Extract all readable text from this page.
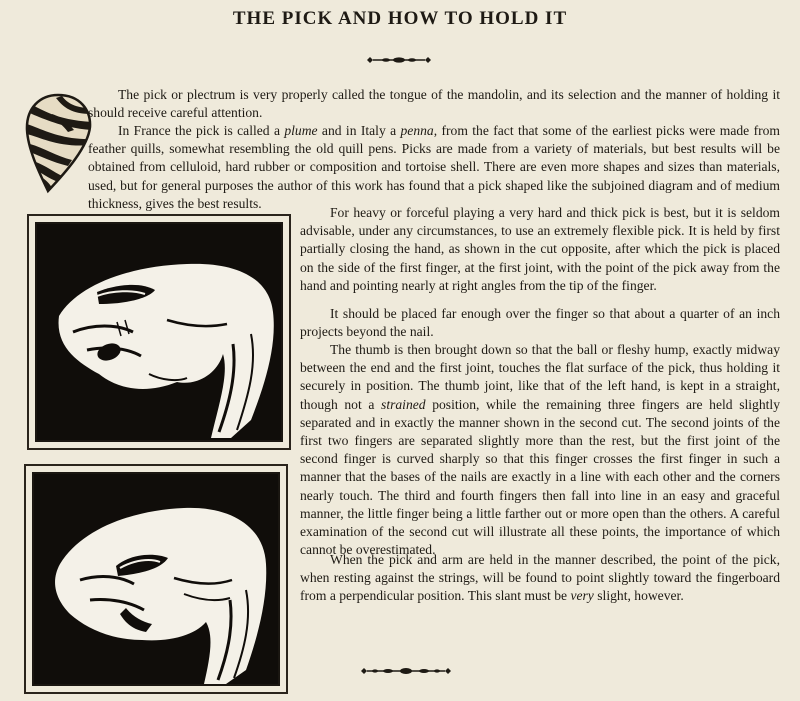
THE PICK AND HOW TO HOLD IT

The pick or plectrum is very properly called the tongue of the mandolin, and its selection and the manner of holding it should receive careful attention.

In France the pick is called a plume and in Italy a penna, from the fact that some of the earliest picks were made from feather quills, somewhat resembling the old quill pens. Picks are made from a variety of materials, but best results will be obtained from celluloid, hard rubber or composition and tortoise shell. There are even more shapes and sizes than materials, used, but for general purposes the author of this work has found that a pick shaped like the subjoined diagram and of medium thickness, gives the best results.

For heavy or forceful playing a very hard and thick pick is best, but it is seldom advisable, under any circumstances, to use an extremely flexible pick. It is held by first partially closing the hand, as shown in the cut opposite, after which the pick is placed on the side of the first finger, at the first joint, with the point of the pick away from the hand and pointing nearly at right angles from the tip of the finger.

It should be placed far enough over the finger so that about a quarter of an inch projects beyond the nail.

The thumb is then brought down so that the ball or fleshy hump, exactly midway between the end and the first joint, touches the flat surface of the pick, thus holding it securely in position. The thumb joint, like that of the left hand, is kept in a straight, though not a strained position, while the remaining three fingers are held slightly separated and in exactly the manner shown in the second cut. The second joints of the first two fingers are separated slightly more than the rest, but the first joint of the second finger is curved sharply so that this finger crosses the first finger in such a manner that the bases of the nails are exactly in a line with each other and the corners nearly touch. The third and fourth fingers then fall into line in an easy and graceful manner, the little finger being a little farther out or more open than the others. A careful examination of the second cut will illustrate all these points, the importance of which cannot be overestimated.

When the pick and arm are held in the manner described, the point of the pick, when resting against the strings, will be found to point slightly toward the fingerboard from a perpendicular position. This slant must be very slight, however.
